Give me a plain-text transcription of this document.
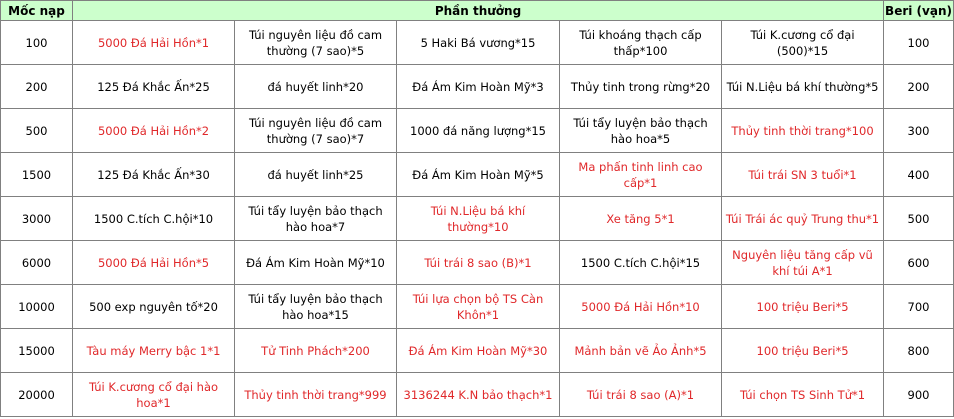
Mốc nạp	Phần thưởng					Beri (vạn)
100	5000 Đá Hải Hồn*1	Túi nguyên liệu đồ cam thường (7 sao)*5	5 Haki Bá vương*15	Túi khoáng thạch cấp thấp*100	Túi K.cương cổ đại (500)*15	100
200	125 Đá Khắc Ấn*25	đá huyết linh*20	Đá Ám Kim Hoàn Mỹ*3	Thủy tinh trong rừng*20	Túi N.Liệu bá khí thường*5	200
500	5000 Đá Hải Hồn*2	Túi nguyên liệu đồ cam thường (7 sao)*7	1000 đá năng lượng*15	Túi tẩy luyện bảo thạch hào hoa*5	Thủy tinh thời trang*100	300
1500	125 Đá Khắc Ấn*30	đá huyết linh*25	Đá Ám Kim Hoàn Mỹ*5	Ma phấn tinh linh cao cấp*1	Túi trái SN 3 tuổi*1	400
3000	1500 C.tích C.hội*10	Túi tẩy luyện bảo thạch hào hoa*7	Túi N.Liệu bá khí thường*10	Xe tăng 5*1	Túi Trái ác quỷ Trung thu*1	500
6000	5000 Đá Hải Hồn*5	Đá Ám Kim Hoàn Mỹ*10	Túi trái 8 sao (B)*1	1500 C.tích C.hội*15	Nguyên liệu tăng cấp vũ khí túi A*1	600
10000	500 exp nguyên tố*20	Túi tẩy luyện bảo thạch hào hoa*15	Túi lựa chọn bộ TS Càn Khôn*1	5000 Đá Hải Hồn*10	100 triệu Beri*5	700
15000	Tàu máy Merry bậc 1*1	Tử Tinh Phách*200	Đá Ám Kim Hoàn Mỹ*30	Mảnh bản vẽ Ảo Ảnh*5	100 triệu Beri*5	800
20000	Túi K.cương cổ đại hào hoa*1	Thủy tinh thời trang*999	3136244 K.N bảo thạch*1	Túi trái 8 sao (A)*1	Túi chọn TS Sinh Tử*1	900
